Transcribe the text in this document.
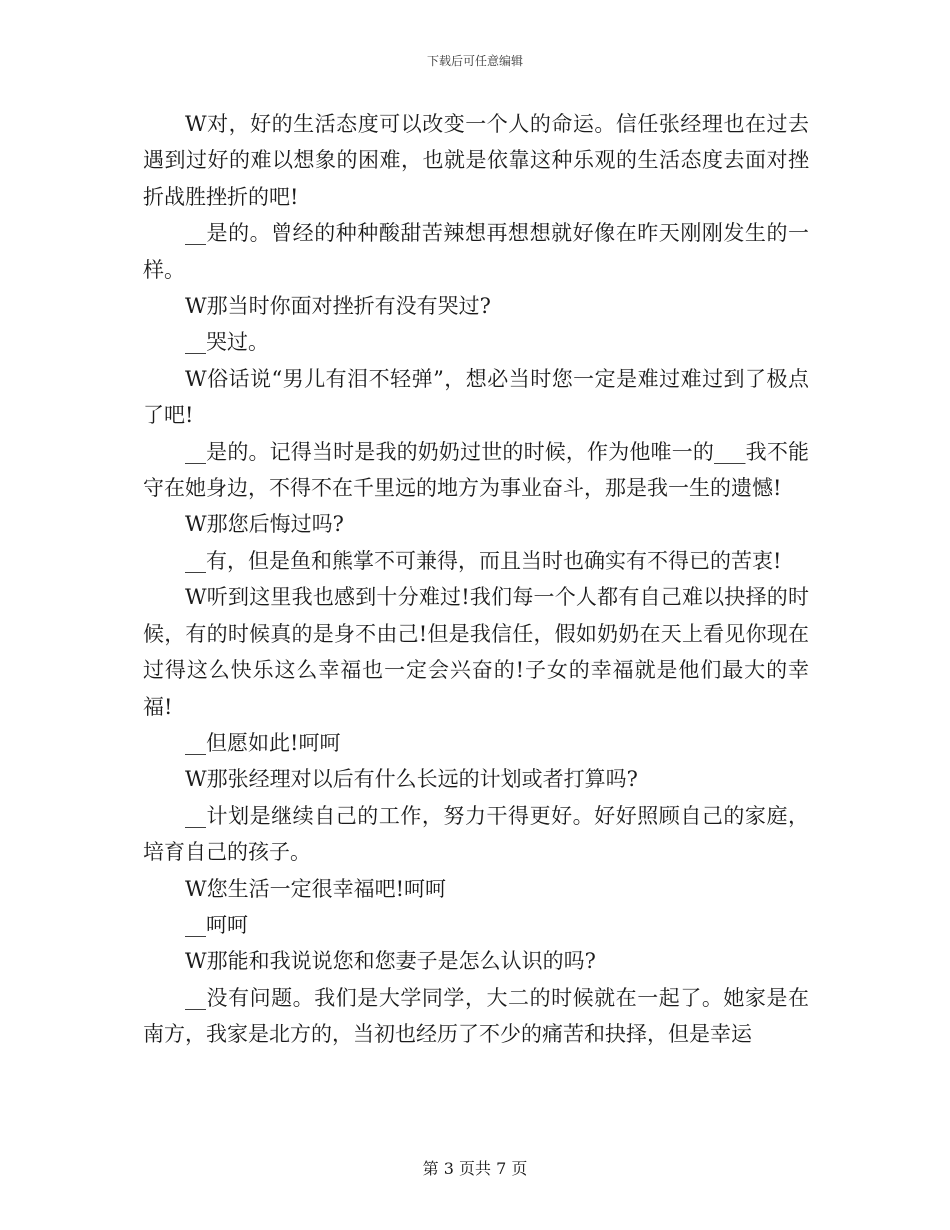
下载后可任意编辑

W对，好的生活态度可以改变一个人的命运。信任张经理也在过去遇到过好的难以想象的困难，也就是依靠这种乐观的生活态度去面对挫折战胜挫折的吧!

__是的。曾经的种种酸甜苦辣想再想想就好像在昨天刚刚发生的一样。

W那当时你面对挫折有没有哭过?

__哭过。

W俗话说“男儿有泪不轻弹”，想必当时您一定是难过难过到了极点了吧!

__是的。记得当时是我的奶奶过世的时候，作为他唯一的___我不能守在她身边，不得不在千里远的地方为事业奋斗，那是我一生的遗憾!

W那您后悔过吗?

__有，但是鱼和熊掌不可兼得，而且当时也确实有不得已的苦衷!

W听到这里我也感到十分难过!我们每一个人都有自己难以抉择的时候，有的时候真的是身不由己!但是我信任，假如奶奶在天上看见你现在过得这么快乐这么幸福也一定会兴奋的!子女的幸福就是他们最大的幸福!

__但愿如此!呵呵

W那张经理对以后有什么长远的计划或者打算吗?

__计划是继续自己的工作，努力干得更好。好好照顾自己的家庭，培育自己的孩子。

W您生活一定很幸福吧!呵呵

__呵呵

W那能和我说说您和您妻子是怎么认识的吗?

__没有问题。我们是大学同学，大二的时候就在一起了。她家是在南方，我家是北方的，当初也经历了不少的痛苦和抉择，但是幸运

第 3 页共 7 页
